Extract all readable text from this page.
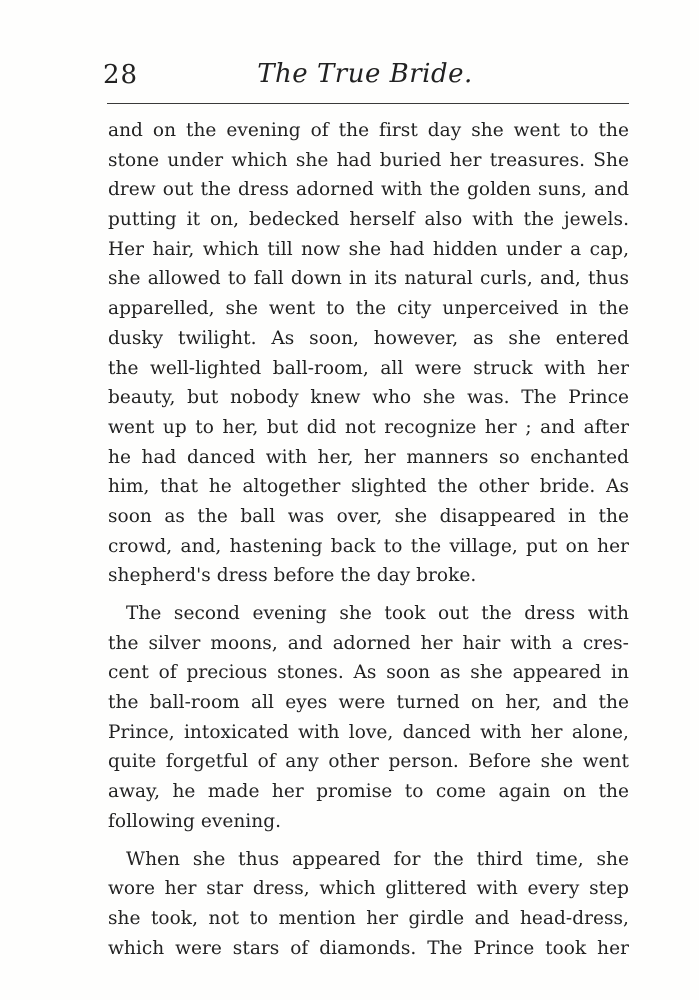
28	The True Bride.
and on the evening of the first day she went to the
stone under which she had buried her treasures. She
drew out the dress adorned with the golden suns, and
putting it on, bedecked herself also with the jewels.
Her hair, which till now she had hidden under a cap,
she allowed to fall down in its natural curls, and, thus
apparelled, she went to the city unperceived in the
dusky twilight. As soon, however, as she entered
the well-lighted ball-room, all were struck with her
beauty, but nobody knew who she was. The Prince
went up to her, but did not recognize her ; and after
he had danced with her, her manners so enchanted
him, that he altogether slighted the other bride. As
soon as the ball was over, she disappeared in the
crowd, and, hastening back to the village, put on her
shepherd's dress before the day broke.
The second evening she took out the dress with
the silver moons, and adorned her hair with a cres-
cent of precious stones. As soon as she appeared in
the ball-room all eyes were turned on her, and the
Prince, intoxicated with love, danced with her alone,
quite forgetful of any other person. Before she went
away, he made her promise to come again on the
following evening.
When she thus appeared for the third time, she
wore her star dress, which glittered with every step
she took, not to mention her girdle and head-dress,
which were stars of diamonds. The Prince took her
